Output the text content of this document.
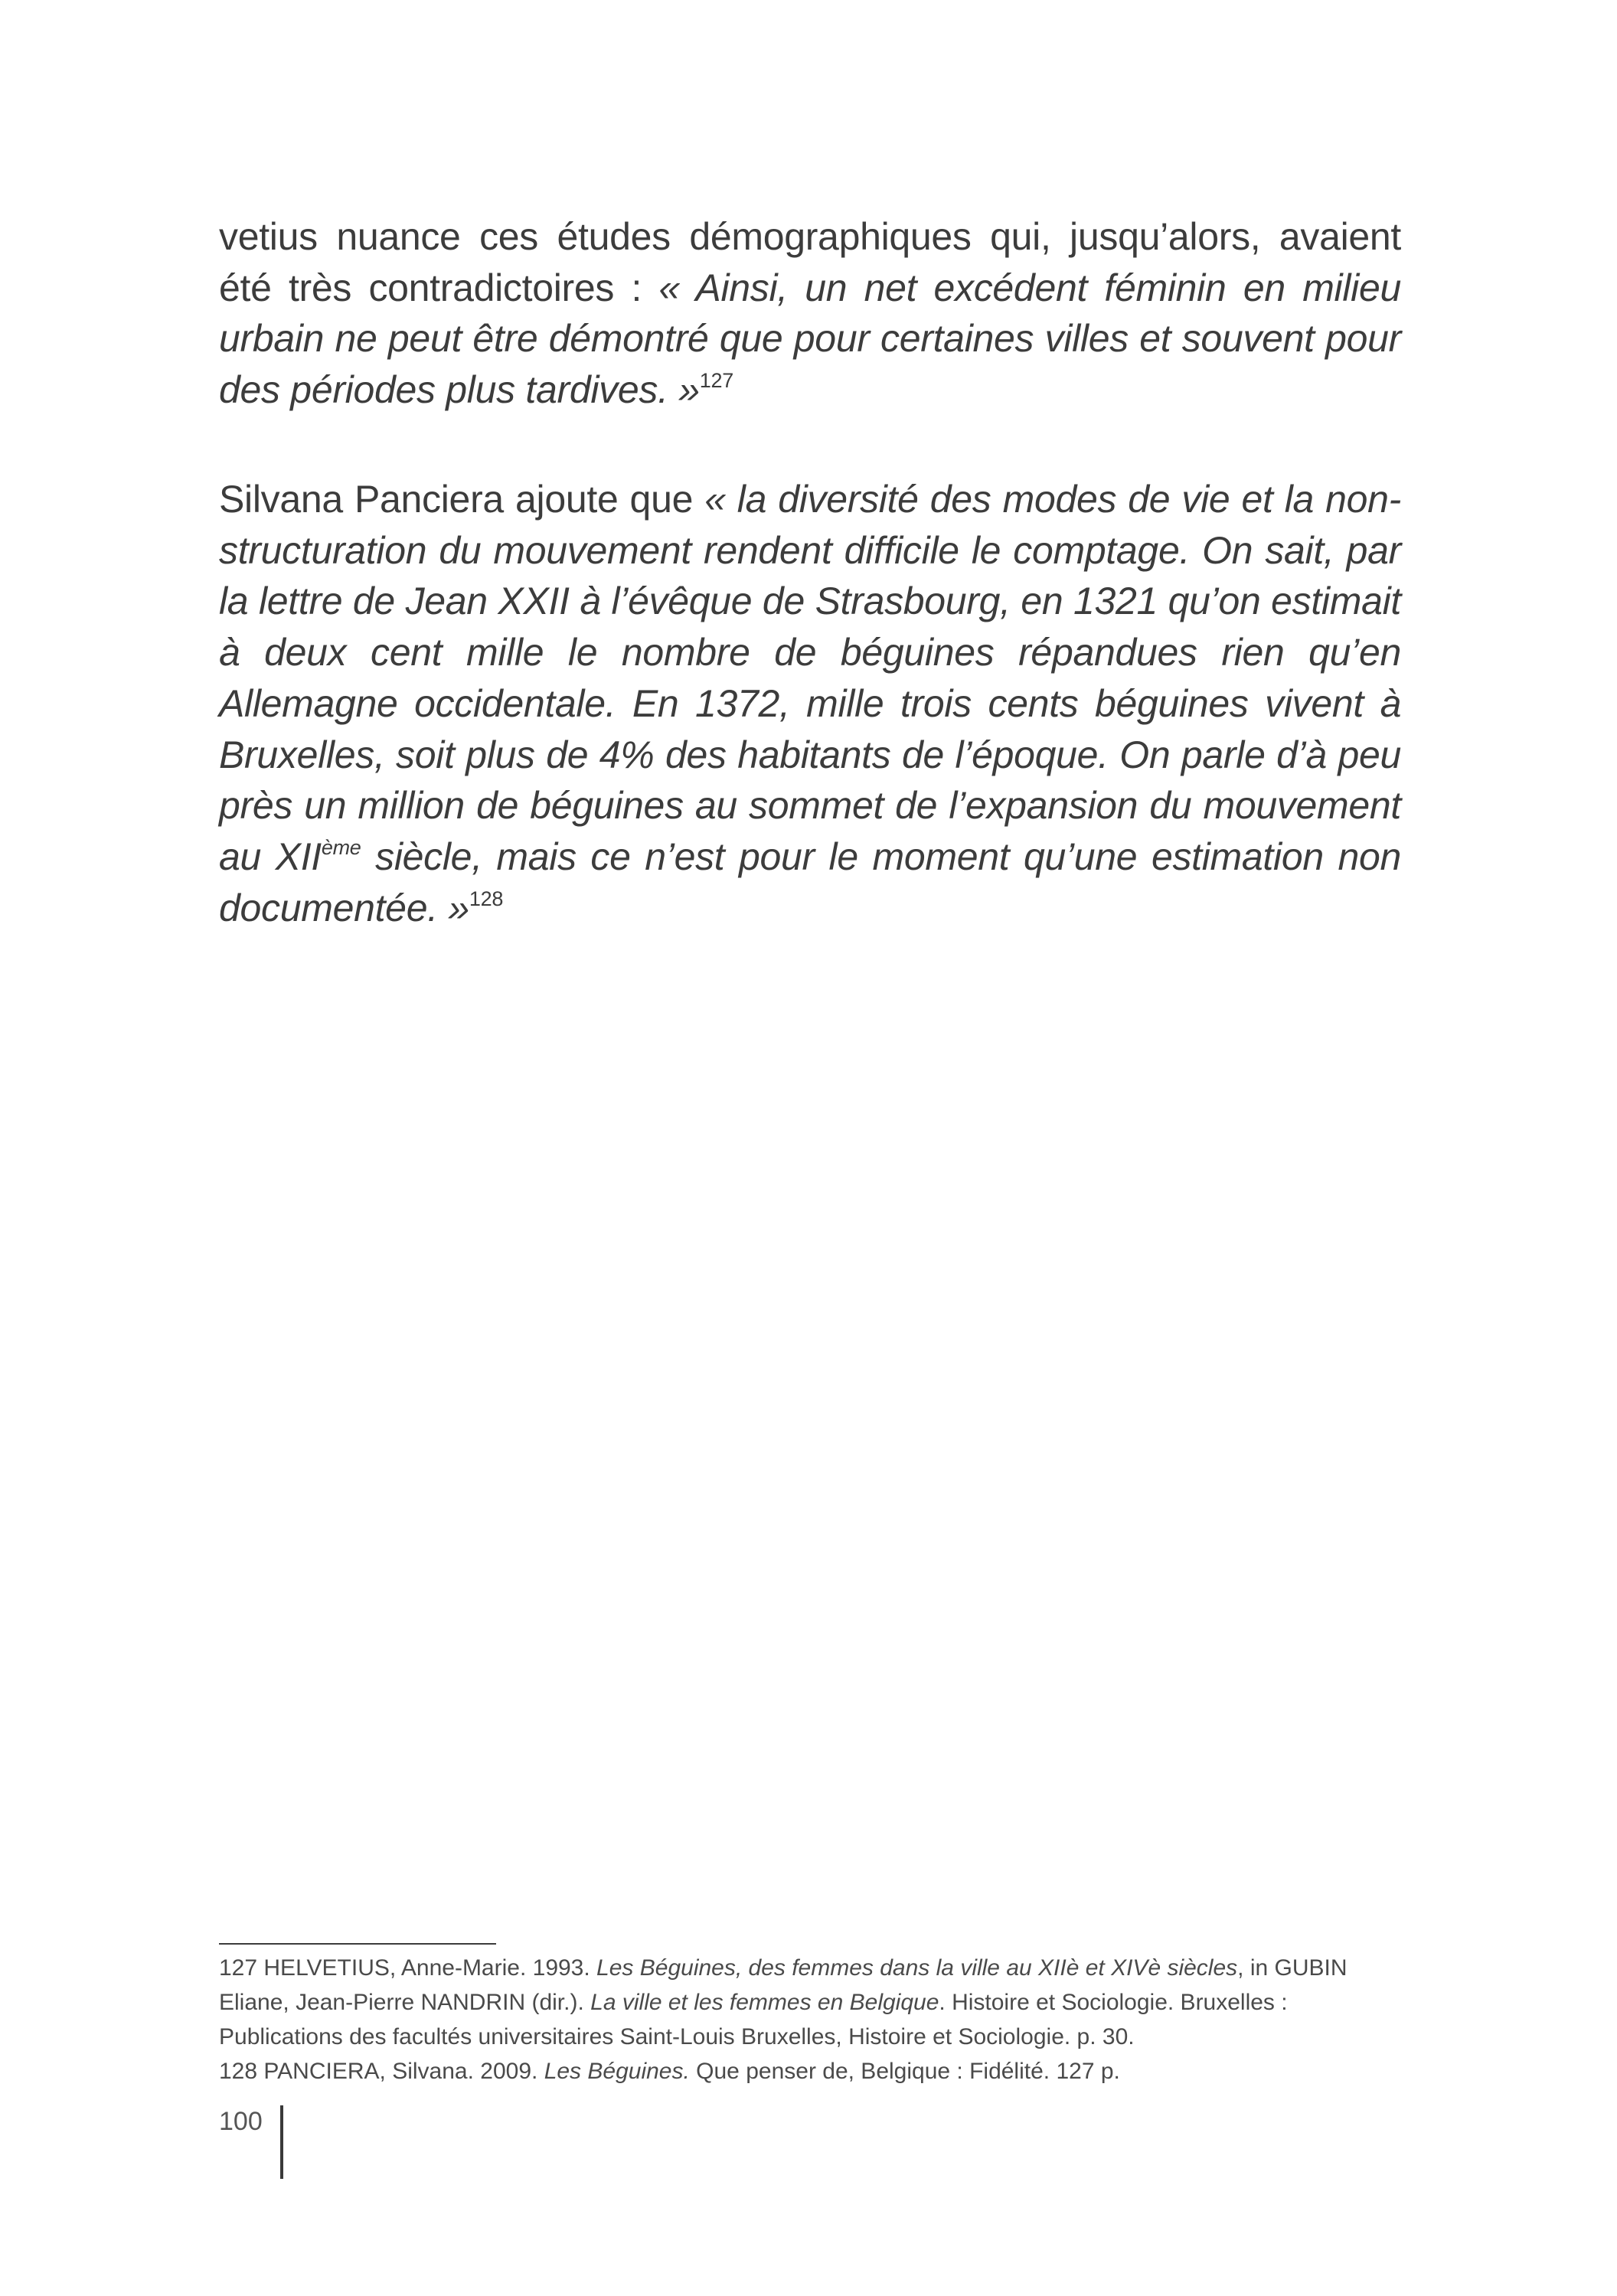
vetius nuance ces études démographiques qui, jusqu’alors, avaient été très contradictoires : « Ainsi, un net excédent féminin en milieu urbain ne peut être démontré que pour certaines villes et souvent pour des périodes plus tardives. »$^{127}$

Silvana Panciera ajoute que « la diversité des modes de vie et la non-structuration du mouvement rendent difficile le comptage. On sait, par la lettre de Jean XXII à l’évêque de Strasbourg, en 1321 qu’on estimait à deux cent mille le nombre de béguines répandues rien qu’en Allemagne occidentale. En 1372, mille trois cents béguines vivent à Bruxelles, soit plus de 4% des habitants de l’époque. On parle d’à peu près un million de béguines au sommet de l’expansion du mouvement au XIIème siècle, mais ce n’est pour le moment qu’une estimation non documentée. »$^{128}$

127 HELVETIUS, Anne-Marie. 1993. Les Béguines, des femmes dans la ville au XIIè et XIVè siècles, in GUBIN Eliane, Jean-Pierre NANDRIN (dir.). La ville et les femmes en Belgique. Histoire et Sociologie. Bruxelles : Publications des facultés universitaires Saint-Louis Bruxelles, Histoire et Sociologie. p. 30.

128 PANCIERA, Silvana. 2009. Les Béguines. Que penser de, Belgique : Fidélité. 127 p.

100
